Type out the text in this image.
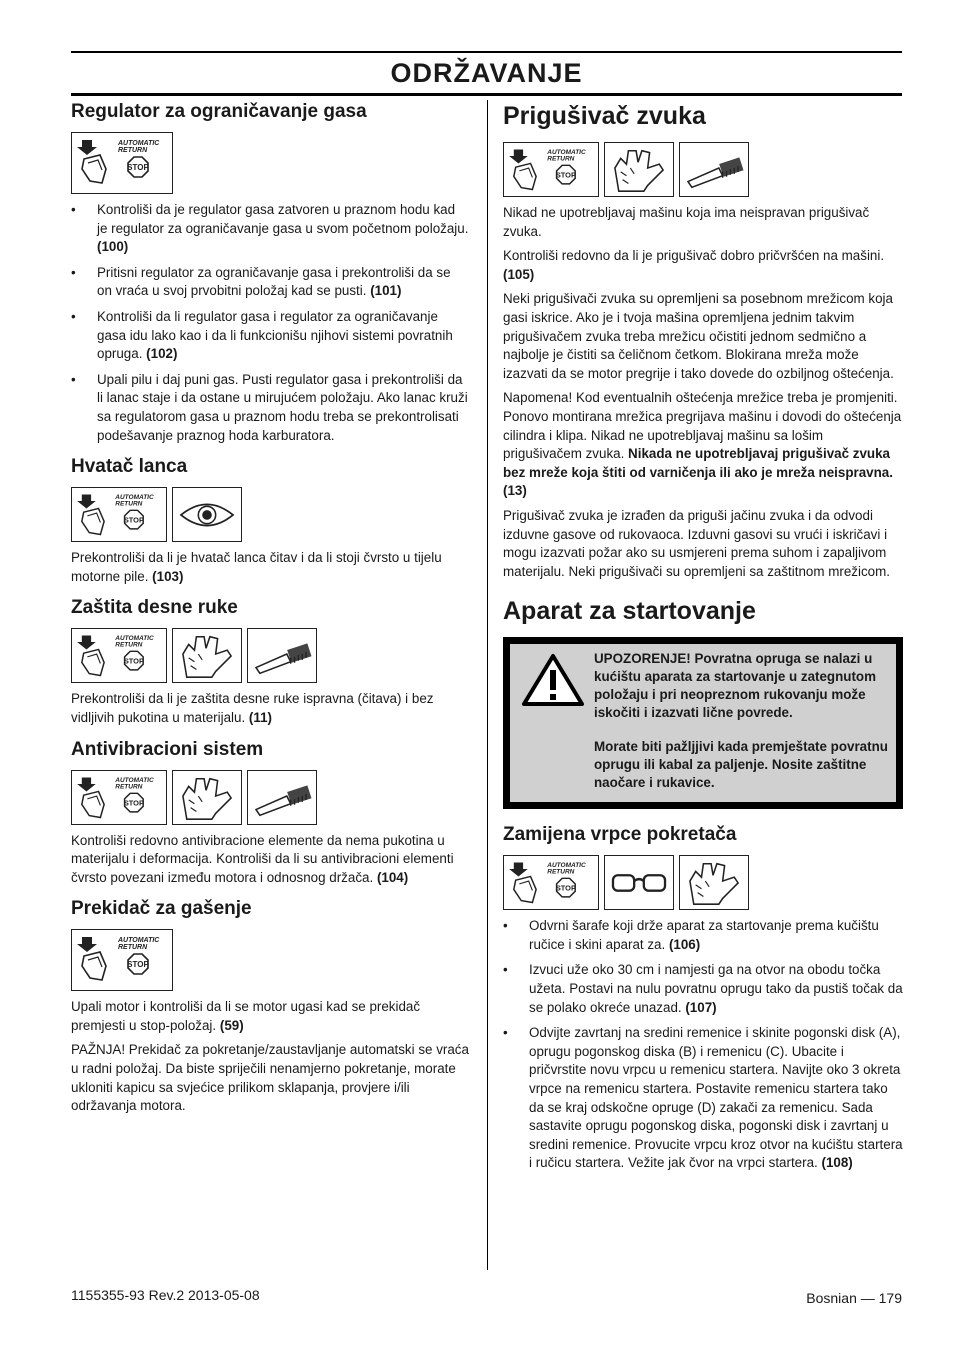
ODRŽAVANJE
Regulator za ograničavanje gasa
AUTOMATIC
RETURN
STOP
• Kontroliši da je regulator gasa zatvoren u praznom hodu kad je regulator za ograničavanje gasa u svom početnom položaju. (100)
• Pritisni regulator za ograničavanje gasa i prekontroliši da se on vraća u svoj prvobitni položaj kad se pusti. (101)
• Kontroliši da li regulator gasa i regulator za ograničavanje gasa idu lako kao i da li funkcionišu njihovi sistemi povratnih opruga. (102)
• Upali pilu i daj puni gas. Pusti regulator gasa i prekontroliši da li lanac staje i da ostane u mirujućem položaju. Ako lanac kruži sa regulatorom gasa u praznom hodu treba se prekontrolisati podešavanje praznog hoda karburatora.
Hvatač lanca
AUTOMATIC
RETURN
STOP

Prekontroliši da li je hvatač lanca čitav i da li stoji čvrsto u tijelu motorne pile. (103)

Zaštita desne ruke
AUTOMATIC
RETURN
STOP

Prekontroliši da li je zaštita desne ruke ispravna (čitava) i bez vidljivih pukotina u materijalu. (11)

Antivibracioni sistem
AUTOMATIC
RETURN
STOP

Kontroliši redovno antivibracione elemente da nema pukotina u materijalu i deformacija. Kontroliši da li su antivibracioni elementi čvrsto povezani između motora i odnosnog držača. (104)

Prekidač za gašenje
AUTOMATIC
RETURN
STOP

Upali motor i kontroliši da li se motor ugasi kad se prekidač premjesti u stop-položaj. (59)

PAŽNJA! Prekidač za pokretanje/zaustavljanje automatski se vraća u radni položaj. Da biste spriječili nenamjerno pokretanje, morate ukloniti kapicu sa svjećice prilikom sklapanja, provjere i/ili održavanja motora.

Prigušivač zvuka
AUTOMATIC
RETURN
STOP

Nikad ne upotrebljavaj mašinu koja ima neispravan prigušivač zvuka.

Kontroliši redovno da li je prigušivač dobro pričvršćen na mašini. (105)

Neki prigušivači zvuka su opremljeni sa posebnom mrežicom koja gasi iskrice. Ako je i tvoja mašina opremljena jednim takvim prigušivačem zvuka treba mrežicu očistiti jednom sedmično a najbolje je čistiti sa čeličnom četkom. Blokirana mreža može izazvati da se motor pregrije i tako dovede do ozbiljnog oštećenja.

Napomena! Kod eventualnih oštećenja mrežice treba je promjeniti. Ponovo montirana mrežica pregrijava mašinu i dovodi do oštećenja cilindra i klipa. Nikad ne upotrebljavaj mašinu sa lošim prigušivačem zvuka. Nikada ne upotrebljavaj prigušivač zvuka bez mreže koja štiti od varničenja ili ako je mreža neispravna. (13)

Prigušivač zvuka je izrađen da priguši jačinu zvuka i da odvodi izduvne gasove od rukovaoca. Izduvni gasovi su vrući i iskričavi i mogu izazvati požar ako su usmjereni prema suhom i zapaljivom materijalu. Neki prigušivači su opremljeni sa zaštitnom mrežicom.

Aparat za startovanje

UPOZORENJE! Povratna opruga se nalazi u kućištu aparata za startovanje u zategnutom položaju i pri neopreznom rukovanju može iskočiti i izazvati lične povrede.

Morate biti pažljjivi kada premještate povratnu oprugu ili kabal za paljenje. Nosite zaštitne naočare i rukavice.

Zamijena vrpce pokretača
AUTOMATIC
RETURN
STOP
• Odvrni šarafe koji drže aparat za startovanje prema kučištu ručice i skini aparat za. (106)
• Izvuci uže oko 30 cm i namjesti ga na otvor na obodu točka užeta. Postavi na nulu povratnu oprugu tako da pustiš točak da se polako okreće unazad. (107)
• Odvijte zavrtanj na sredini remenice i skinite pogonski disk (A), oprugu pogonskog diska (B) i remenicu (C). Ubacite i pričvrstite novu vrpcu u remenicu startera. Navijte oko 3 okreta vrpce na remenicu startera. Postavite remenicu startera tako da se kraj odskočne opruge (D) zakači za remenicu. Sada sastavite oprugu pogonskog diska, pogonski disk i zavrtanj u sredini remenice. Provucite vrpcu kroz otvor na kućištu startera i ručicu startera. Vežite jak čvor na vrpci startera. (108)
1155355-93 Rev.2 2013-05-08	Bosnian — 179
